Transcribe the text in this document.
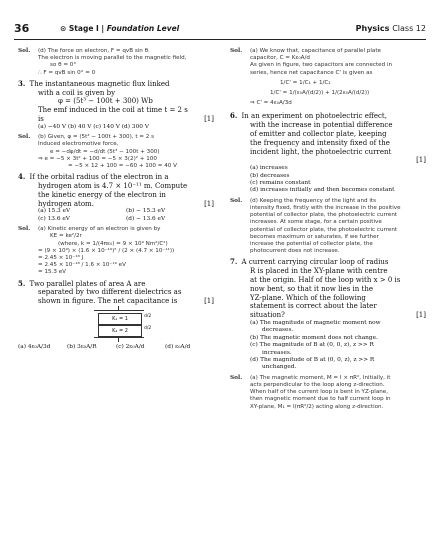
36	⊙ Stage I | Foundation Level	Physics Class 12
Sol.	(d) The force on electron, F = qvB sin θ.
The electron is moving parallel to the magnetic field,
so θ = 0°
∴ F = qvB sin 0° = 0
3. The instantaneous magnetic flux linked
with a coil is given by
φ = (5t³ − 100t + 300) Wb
The emf induced in the coil at time t = 2 s
is	[1]
(a) −40 V (b) 40 V (c) 140 V (d) 300 V
Sol.	(b) Given, φ = (5t³ − 100t + 300), t = 2 s
Induced electromotive force,
e = −dφ/dt = −d/dt (5t³ − 100t + 300)
⇒ e = −5 × 3t² + 100 = −5 × 3(2)² + 100
= −5 × 12 + 100 = −60 + 100 = 40 V
4. If the orbital radius of the electron in a
hydrogen atom is 4.7 × 10⁻¹¹ m. Compute
the kinetic energy of the electron in
hydrogen atom.	[1]
(a) 15.3 eV	(b) − 15.3 eV
(c) 13.6 eV	(d) − 13.6 eV
Sol.	(a) Kinetic energy of an electron is given by
KE = ke²/2r
(where, k = 1/(4πε₀) = 9 × 10⁹ Nm²/C²)
= (9 × 10⁹) × (1.6 × 10⁻¹⁹)² / (2 × (4.7 × 10⁻¹¹))
= 2.45 × 10⁻¹⁸ J
= 2.45 × 10⁻¹⁸ / 1.6 × 10⁻¹⁹ eV
= 15.3 eV
5. Two parallel plates of area A are
separated by two different dielectrics as
shown in figure. The net capacitance is	[1]
K₁ = 1
K₂ = 2
d/2
d/2
(a) 4ε₀A/3d	(b) 3ε₀A/R	(c) 2ε₀A/d	(d) ε₀A/d
Sol.	(a) We know that, capacitance of parallel plate
capacitor, C = Kε₀A/d
As given in figure, two capacitors are connected in
series, hence net capacitance C' is given as
1/C' = 1/C₁ + 1/C₂
1/C' = 1/(ε₀A/(d/2)) + 1/(2ε₀A/(d/2))
⇒ C' = 4ε₀A/3d
6. In an experiment on photoelectric effect,
with the increase in potential difference
of emitter and collector plate, keeping
the frequency and intensity fixed of the
incident light, the photoelectric current
[1]
(a) increases
(b) decreases
(c) remains constant
(d) increases initially and then becomes constant
Sol.	(d) Keeping the frequency of the light and its
intensity fixed, firstly with the increase in the positive
potential of collector plate, the photoelectric current
increases. At some stage, for a certain positive
potential of collector plate, the photoelectric current
becomes maximum or saturates, if we further
increase the potential of collector plate, the
photocurrent does not increase.
7. A current carrying circular loop of radius
R is placed in the XY-plane with centre
at the origin. Half of the loop with x > 0 is
now bent, so that it now lies in the
YZ-plane. Which of the following
statement is correct about the later
situation?	[1]
(a) The magnitude of magnetic moment now
decreases.
(b) The magnetic moment does not change.
(c) The magnitude of B at (0, 0, z), z >> R
increases.
(d) The magnitude of B at (0, 0, z), z >> R
unchanged.
Sol.	(a) The magnetic moment, M = I × πR², Initially, it
acts perpendicular to the loop along z-direction.
When half of the current loop is bent in YZ-plane,
then magnetic moment due to half current loop in
XY-plane, M₁ = I(πR²/2) acting along z-direction.
